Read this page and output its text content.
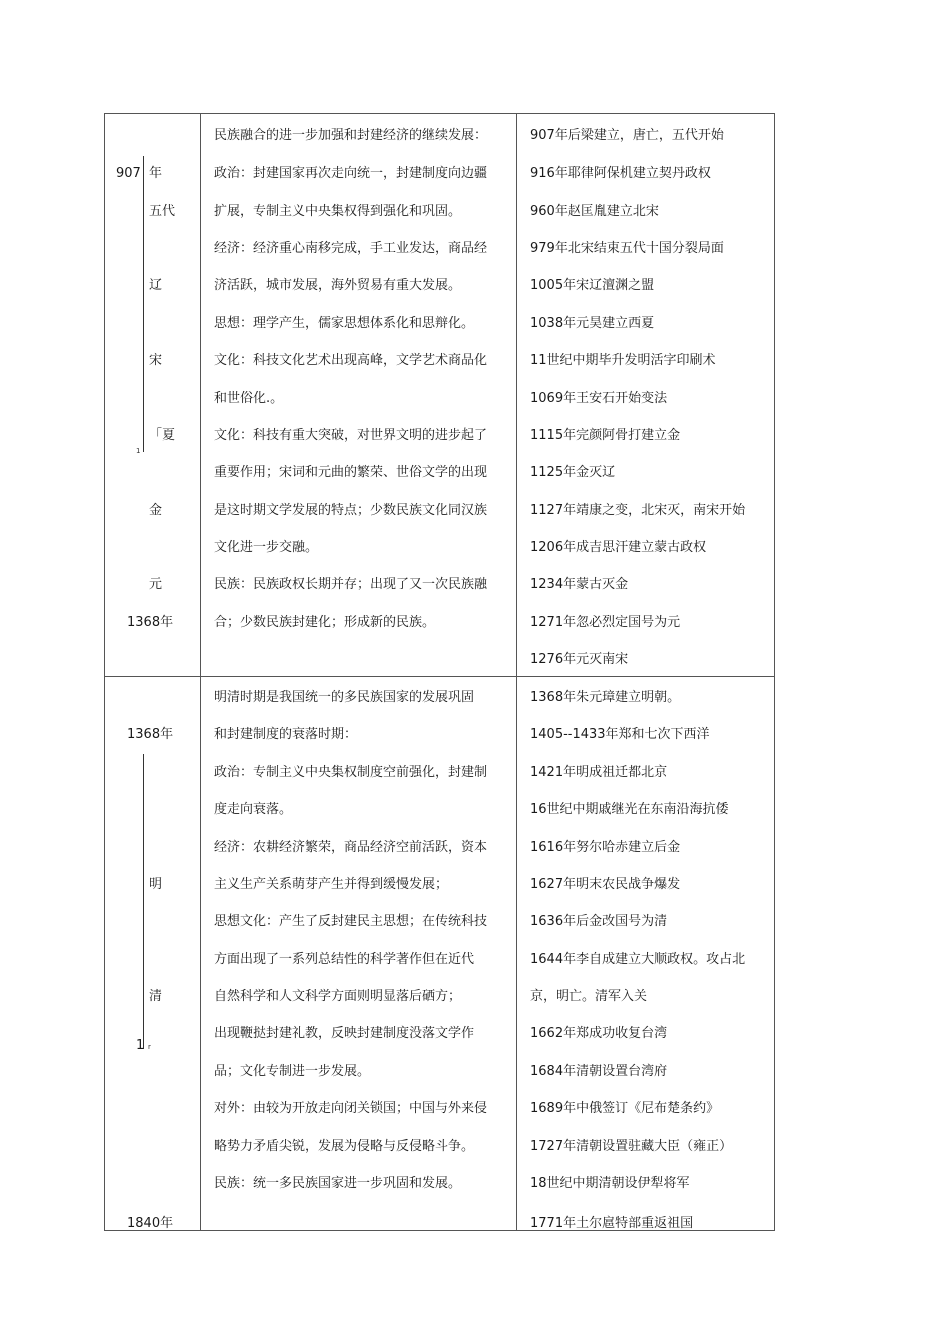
907 年
五代
辽
宋
「夏
1
金
元
1368年
民族融合的进一步加强和封建经济的继续发展：
政治：封建国家再次走向统一，封建制度向边疆
扩展，专制主义中央集权得到强化和巩固。
经济：经济重心南移完成，手工业发达，商品经
济活跃，城市发展，海外贸易有重大发展。
思想：理学产生，儒家思想体系化和思辩化。
文化：科技文化艺术出现高峰，文学艺术商品化
和世俗化.。
文化：科技有重大突破，对世界文明的进步起了
重要作用；宋词和元曲的繁荣、世俗文学的出现
是这时期文学发展的特点；少数民族文化同汉族
文化进一步交融。
民族：民族政权长期并存；出现了又一次民族融
合；少数民族封建化；形成新的民族。
907年后梁建立，唐亡，五代开始
916年耶律阿保机建立契丹政权
960年赵匡胤建立北宋
979年北宋结束五代十国分裂局面
1005年宋辽澶渊之盟
1038年元昊建立西夏
11世纪中期毕升发明活字印刷术
1069年王安石开始变法
1115年完颜阿骨打建立金
1125年金灭辽
1127年靖康之变，北宋灭，南宋开始
1206年成吉思汗建立蒙古政权
1234年蒙古灭金
1271年忽必烈定国号为元
1276年元灭南宋
1368年
明
清
1 r
1840年
明清时期是我国统一的多民族国家的发展巩固
和封建制度的衰落时期：
政治：专制主义中央集权制度空前强化，封建制
度走向衰落。
经济：农耕经济繁荣，商品经济空前活跃，资本
主义生产关系萌芽产生并得到缓慢发展；
思想文化：产生了反封建民主思想；在传统科技
方面出现了一系列总结性的科学著作但在近代
自然科学和人文科学方面则明显落后硒方；
出现鞭挞封建礼教，反映封建制度没落文学作
品；文化专制进一步发展。
对外：由较为开放走向闭关锁国；中国与外来侵
略势力矛盾尖锐，发展为侵略与反侵略斗争。
民族：统一多民族国家进一步巩固和发展。
1368年朱元璋建立明朝。
1405--1433年郑和七次下西洋
1421年明成祖迁都北京
16世纪中期戚继光在东南沿海抗倭
1616年努尔哈赤建立后金
1627年明末农民战争爆发
1636年后金改国号为清
1644年李自成建立大顺政权。攻占北
京，明亡。清军入关
1662年郑成功收复台湾
1684年清朝设置台湾府
1689年中俄签订《尼布楚条约》
1727年清朝设置驻藏大臣（雍正）
18世纪中期清朝设伊犁将军
1771年土尔扈特部重返祖国
